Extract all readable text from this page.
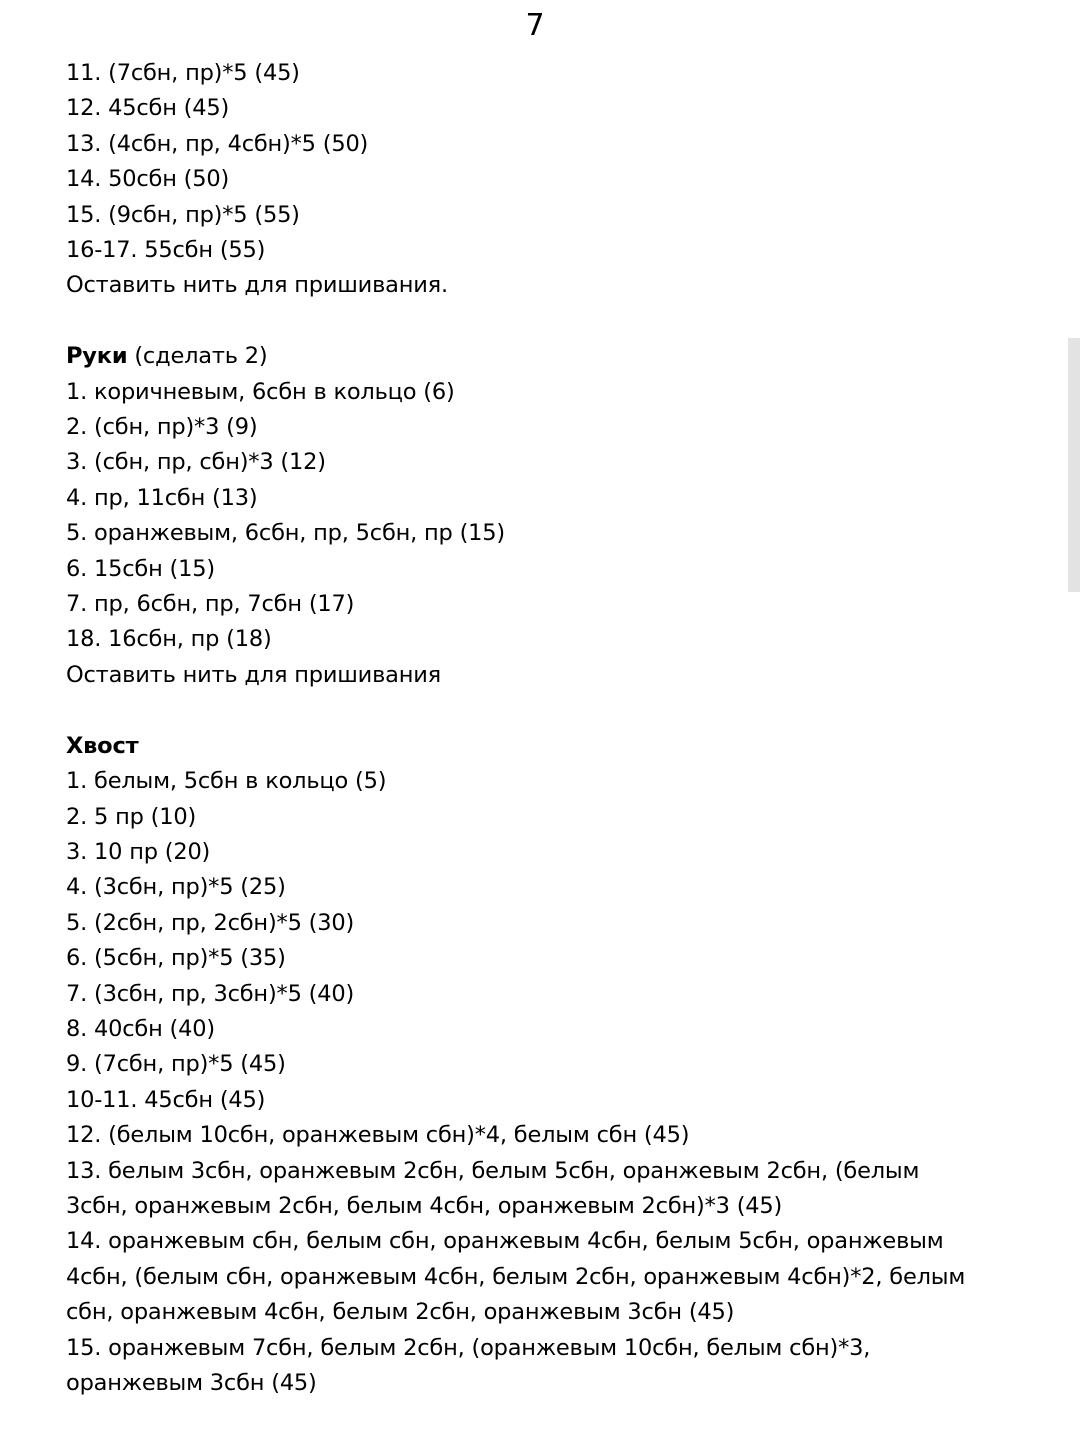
7
11. (7сбн, пр)*5 (45)
12. 45сбн (45)
13. (4сбн, пр, 4сбн)*5 (50)
14. 50сбн (50)
15. (9сбн, пр)*5 (55)
16-17. 55сбн (55)
Оставить нить для пришивания.
Руки (сделать 2)
1. коричневым, 6сбн в кольцо (6)
2. (сбн, пр)*3 (9)
3. (сбн, пр, сбн)*3 (12)
4. пр, 11сбн (13)
5. оранжевым, 6сбн, пр, 5сбн, пр (15)
6. 15сбн (15)
7. пр, 6сбн, пр, 7сбн (17)
18. 16сбн, пр (18)
Оставить нить для пришивания
Хвост
1. белым, 5сбн в кольцо (5)
2. 5 пр (10)
3. 10 пр (20)
4. (3сбн, пр)*5 (25)
5. (2сбн, пр, 2сбн)*5 (30)
6. (5сбн, пр)*5 (35)
7. (3сбн, пр, 3сбн)*5 (40)
8. 40сбн (40)
9. (7сбн, пр)*5 (45)
10-11. 45сбн (45)
12. (белым 10сбн, оранжевым сбн)*4, белым сбн (45)
13. белым 3сбн, оранжевым 2сбн, белым 5сбн, оранжевым 2сбн, (белым
3сбн, оранжевым 2сбн, белым 4сбн, оранжевым 2сбн)*3 (45)
14. оранжевым сбн, белым сбн, оранжевым 4сбн, белым 5сбн, оранжевым
4сбн, (белым сбн, оранжевым 4сбн, белым 2сбн, оранжевым 4сбн)*2, белым
сбн, оранжевым 4сбн, белым 2сбн, оранжевым 3сбн (45)
15. оранжевым 7сбн, белым 2сбн, (оранжевым 10сбн, белым сбн)*3,
оранжевым 3сбн (45)
